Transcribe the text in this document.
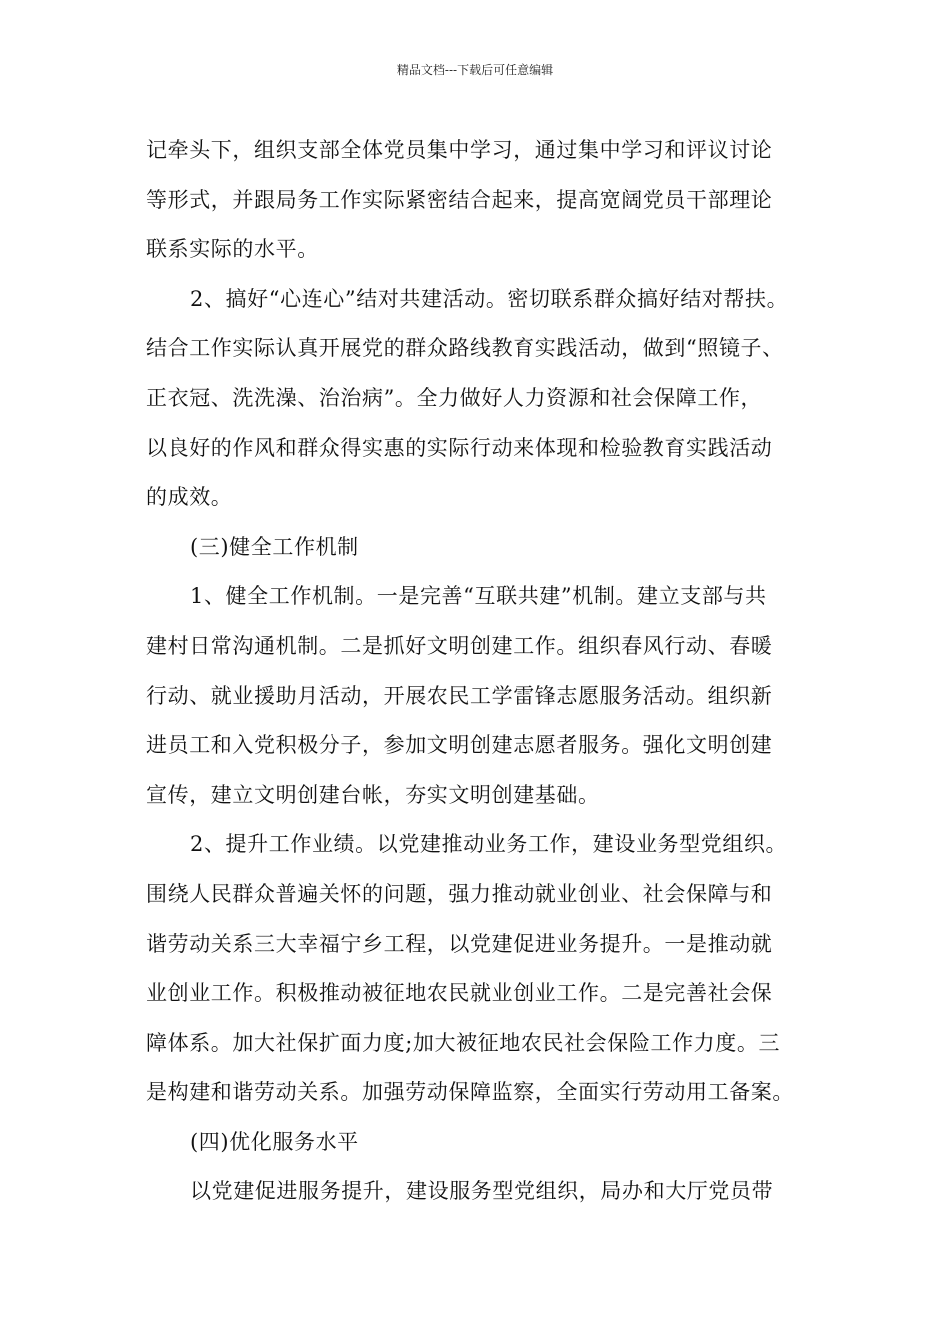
精品文档---下载后可任意编辑
记牵头下，组织支部全体党员集中学习，通过集中学习和评议讨论
等形式，并跟局务工作实际紧密结合起来，提高宽阔党员干部理论
联系实际的水平。
2、搞好“心连心”结对共建活动。密切联系群众搞好结对帮扶。
结合工作实际认真开展党的群众路线教育实践活动，做到“照镜子、
正衣冠、洗洗澡、治治病”。全力做好人力资源和社会保障工作，
以良好的作风和群众得实惠的实际行动来体现和检验教育实践活动
的成效。
(三)健全工作机制
1、健全工作机制。一是完善“互联共建”机制。建立支部与共
建村日常沟通机制。二是抓好文明创建工作。组织春风行动、春暖
行动、就业援助月活动，开展农民工学雷锋志愿服务活动。组织新
进员工和入党积极分子，参加文明创建志愿者服务。强化文明创建
宣传，建立文明创建台帐，夯实文明创建基础。
2、提升工作业绩。以党建推动业务工作，建设业务型党组织。
围绕人民群众普遍关怀的问题，强力推动就业创业、社会保障与和
谐劳动关系三大幸福宁乡工程，以党建促进业务提升。一是推动就
业创业工作。积极推动被征地农民就业创业工作。二是完善社会保
障体系。加大社保扩面力度;加大被征地农民社会保险工作力度。三
是构建和谐劳动关系。加强劳动保障监察，全面实行劳动用工备案。
(四)优化服务水平
以党建促进服务提升，建设服务型党组织，局办和大厅党员带
